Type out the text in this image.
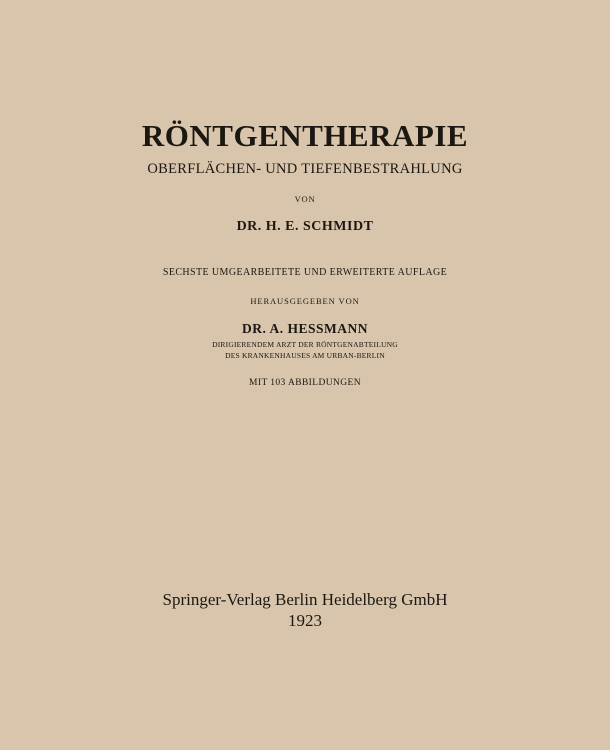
RÖNTGENTHERAPIE
OBERFLÄCHEN- UND TIEFENBESTRAHLUNG
VON
DR. H. E. SCHMIDT
SECHSTE UMGEARBEITETE UND ERWEITERTE AUFLAGE
HERAUSGEGEBEN VON
DR. A. HESSMANN
DIRIGIERENDEM ARZT DER RÖNTGENABTEILUNG
DES KRANKENHAUSES AM URBAN-BERLIN
MIT 103 ABBILDUNGEN
Springer-Verlag Berlin Heidelberg GmbH
1923
